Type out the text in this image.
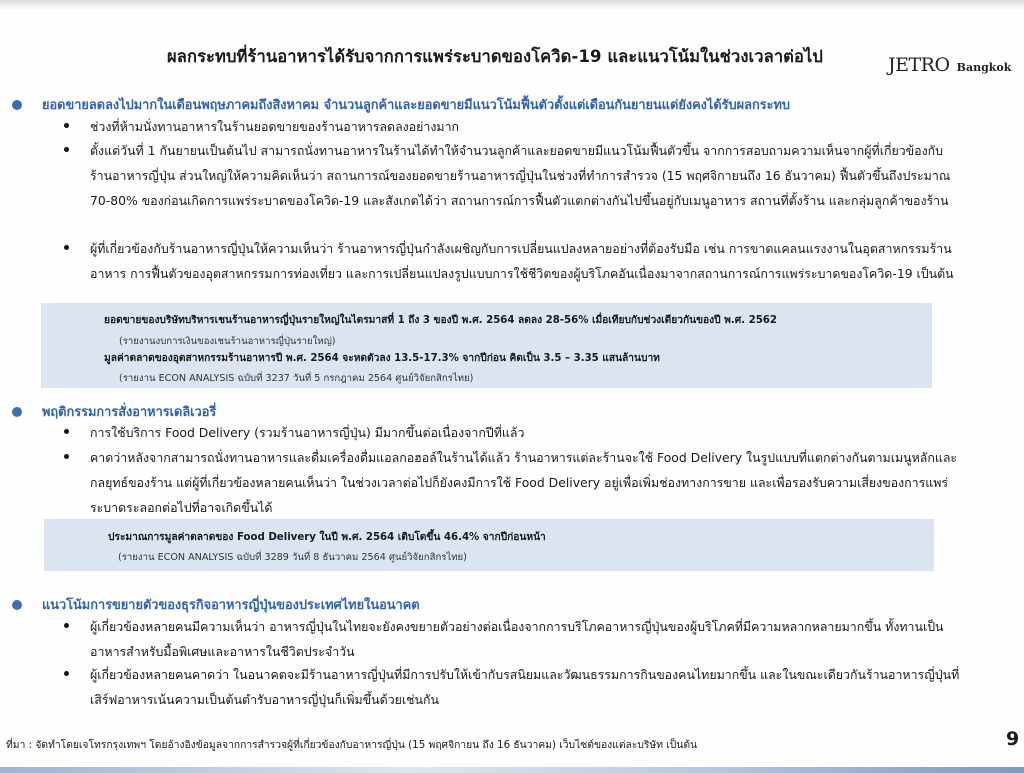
ผลกระทบที่ร้านอาหารได้รับจากการแพร่ระบาดของโควิด-19 และแนวโน้มในช่วงเวลาต่อไป	JETRO Bangkok
ยอดขายลดลงไปมากในเดือนพฤษภาคมถึงสิงหาคม จำนวนลูกค้าและยอดขายมีแนวโน้มฟื้นตัวตั้งแต่เดือนกันยายนแต่ยังคงได้รับผลกระทบ
ช่วงที่ห้ามนั่งทานอาหารในร้านยอดขายของร้านอาหารลดลงอย่างมาก
ตั้งแต่วันที่ 1 กันยายนเป็นต้นไป สามารถนั่งทานอาหารในร้านได้ทำให้จำนวนลูกค้าและยอดขายมีแนวโน้มฟื้นตัวขึ้น จากการสอบถามความเห็นจากผู้ที่เกี่ยวข้องกับร้านอาหารญี่ปุ่น ส่วนใหญ่ให้ความคิดเห็นว่า สถานการณ์ของยอดขายร้านอาหารญี่ปุ่นในช่วงที่ทำการสำรวจ (15 พฤศจิกายนถึง 16 ธันวาคม) ฟื้นตัวขึ้นถึงประมาณ 70-80% ของก่อนเกิดการแพร่ระบาดของโควิด-19 และสังเกตได้ว่า สถานการณ์การฟื้นตัวแตกต่างกันไปขึ้นอยู่กับเมนูอาหาร สถานที่ตั้งร้าน และกลุ่มลูกค้าของร้าน
ผู้ที่เกี่ยวข้องกับร้านอาหารญี่ปุ่นให้ความเห็นว่า ร้านอาหารญี่ปุ่นกำลังเผชิญกับการเปลี่ยนแปลงหลายอย่างที่ต้องรับมือ เช่น การขาดแคลนแรงงานในอุตสาหกรรมร้านอาหาร การฟื้นตัวของอุตสาหกรรมการท่องเที่ยว และการเปลี่ยนแปลงรูปแบบการใช้ชีวิตของผู้บริโภคอันเนื่องมาจากสถานการณ์การแพร่ระบาดของโควิด-19 เป็นต้น
ยอดขายของบริษัทบริหารเชนร้านอาหารญี่ปุ่นรายใหญ่ในไตรมาสที่ 1 ถึง 3 ของปี พ.ศ. 2564 ลดลง 28-56% เมื่อเทียบกับช่วงเดียวกันของปี พ.ศ. 2562
(รายงานงบการเงินของเชนร้านอาหารญี่ปุ่นรายใหญ่)
มูลค่าตลาดของอุตสาหกรรมร้านอาหารปี พ.ศ. 2564 จะหดตัวลง 13.5-17.3% จากปีก่อน คิดเป็น 3.5 – 3.35 แสนล้านบาท
(รายงาน ECON ANALYSIS ฉบับที่ 3237 วันที่ 5 กรกฎาคม 2564 ศูนย์วิจัยกสิกรไทย)
พฤติกรรมการสั่งอาหารเดลิเวอรี่
การใช้บริการ Food Delivery (รวมร้านอาหารญี่ปุ่น) มีมากขึ้นต่อเนื่องจากปีที่แล้ว
คาดว่าหลังจากสามารถนั่งทานอาหารและดื่มเครื่องดื่มแอลกอฮอล์ในร้านได้แล้ว ร้านอาหารแต่ละร้านจะใช้ Food Delivery ในรูปแบบที่แตกต่างกันตามเมนูหลักและกลยุทธ์ของร้าน แต่ผู้ที่เกี่ยวข้องหลายคนเห็นว่า ในช่วงเวลาต่อไปก็ยังคงมีการใช้ Food Delivery อยู่เพื่อเพิ่มช่องทางการขาย และเพื่อรองรับความเสี่ยงของการแพร่ระบาดระลอกต่อไปที่อาจเกิดขึ้นได้
ประมาณการมูลค่าตลาดของ Food Delivery ในปี พ.ศ. 2564 เติบโตขึ้น 46.4% จากปีก่อนหน้า
(รายงาน ECON ANALYSIS ฉบับที่ 3289 วันที่ 8 ธันวาคม 2564 ศูนย์วิจัยกสิกรไทย)
แนวโน้มการขยายตัวของธุรกิจอาหารญี่ปุ่นของประเทศไทยในอนาคต
ผู้เกี่ยวข้องหลายคนมีความเห็นว่า อาหารญี่ปุ่นในไทยจะยังคงขยายตัวอย่างต่อเนื่องจากการบริโภคอาหารญี่ปุ่นของผู้บริโภคที่มีความหลากหลายมากขึ้น ทั้งทานเป็นอาหารสำหรับมื้อพิเศษและอาหารในชีวิตประจำวัน
ผู้เกี่ยวข้องหลายคนคาดว่า ในอนาคตจะมีร้านอาหารญี่ปุ่นที่มีการปรับให้เข้ากับรสนิยมและวัฒนธรรมการกินของคนไทยมากขึ้น และในขณะเดียวกันร้านอาหารญี่ปุ่นที่เสิร์ฟอาหารเน้นความเป็นต้นตำรับอาหารญี่ปุ่นก็เพิ่มขึ้นด้วยเช่นกัน
ที่มา : จัดทำโดยเจโทรกรุงเทพฯ โดยอ้างอิงข้อมูลจากการสำรวจผู้ที่เกี่ยวข้องกับอาหารญี่ปุ่น (15 พฤศจิกายน ถึง 16 ธันวาคม) เว็บไซต์ของแต่ละบริษัท เป็นต้น	9
